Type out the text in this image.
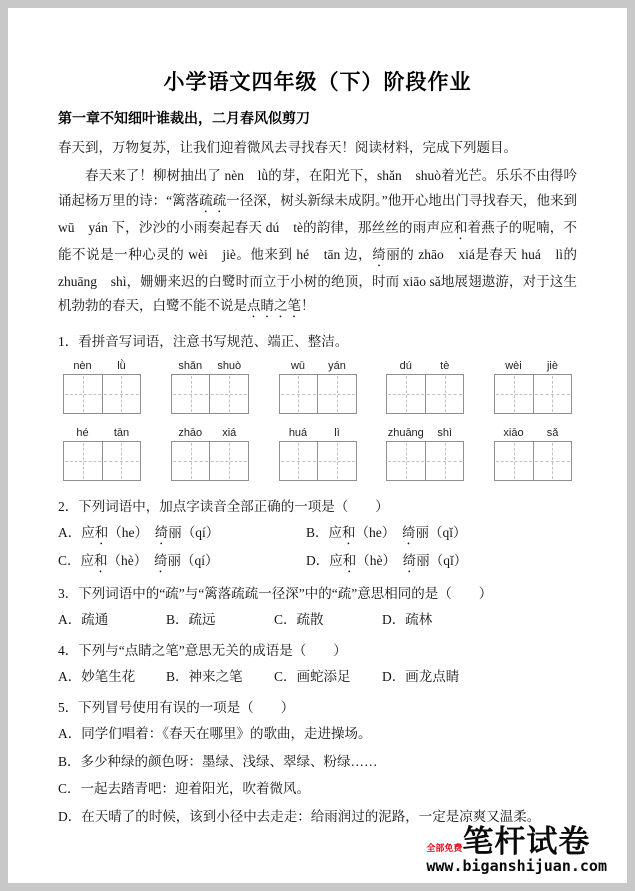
小学语文四年级（下）阶段作业
第一章不知细叶谁裁出，二月春风似剪刀
春天到，万物复苏，让我们迎着微风去寻找春天！阅读材料，完成下列题目。

春天来了！柳树抽出了 nèn　lǜ的芽，在阳光下，shǎn　shuò着光芒。乐乐不由得吟诵起杨万里的诗：“篱落疏疏一径深，树头新绿未成阴。”他开心地出门寻找春天，他来到 wū　yán 下，沙沙的小雨奏起春天 dú　tè的韵律，那丝丝的雨声应和着燕子的呢喃，不能不说是一种心灵的 wèi　jiè。他来到 hé　tān 边，绮丽的 zhāo　xiá是春天 huá　lì的 zhuāng　shì，姗姗来迟的白鹭时而立于小树的绝顶，时而 xiāo sǎ地展翅遨游，对于这生机勃勃的春天，白鹭不能不说是点睛之笔！

1．看拼音写词语，注意书写规范、端正、整洁。
nèn	lǜ	shǎn	shuò	wū	yán	dú	tè	wèi	jiè
hé	tān	zhāo	xiá	huá	lì	zhuāng	shì	xiāo	sǎ
2．下列词语中，加点字读音全部正确的一项是（　　）
A．应和（he）　绮丽（qí）	B．应和（he）　绮丽（qǐ）
C．应和（hè）　绮丽（qí）	D．应和（hè）　绮丽（qǐ）
3．下列词语中的“疏”与“篱落疏疏一径深”中的“疏”意思相同的是（　　）
A．疏通	B．疏远	C．疏散	D．疏林
4．下列与“点睛之笔”意思无关的成语是（　　）
A．妙笔生花	B．神来之笔	C．画蛇添足	D．画龙点睛
5．下列冒号使用有误的一项是（　　）
A．同学们唱着：《春天在哪里》的歌曲，走进操场。
B．多少种绿的颜色呀：墨绿、浅绿、翠绿、粉绿……
C．一起去踏青吧：迎着阳光，吹着微风。
D．在天晴了的时候，该到小径中去走走：给雨润过的泥路，一定是凉爽又温柔。
全部免费 笔杆试卷
www.biganshijuan.com
